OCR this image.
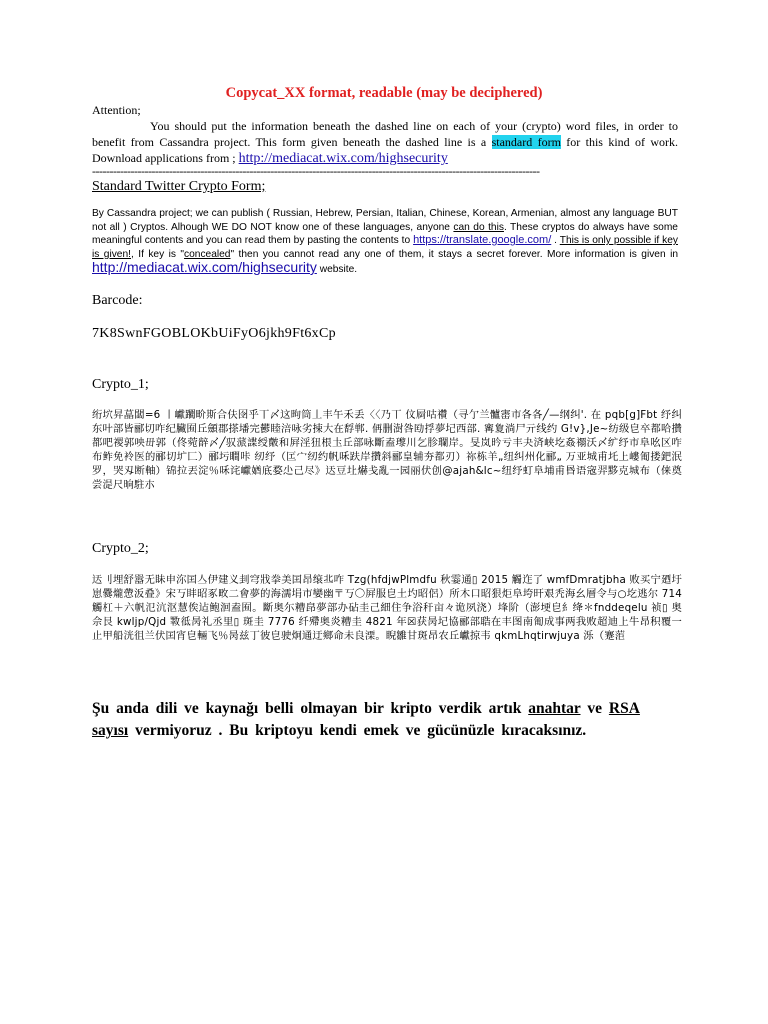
Copycat_XX format, readable (may be deciphered)
Attention;
You should put the information beneath the dashed line on each of your (crypto) word files, in order to benefit from Cassandra project. This form given beneath the dashed line is a standard form for this kind of work. Download applications from ; http://mediacat.wix.com/highsecurity
--------------------------------------------------------------------------------------------------------------------------------
Standard Twitter Crypto Form;
By Cassandra project; we can publish ( Russian, Hebrew, Persian, Italian, Chinese, Korean, Armenian, almost any language BUT not all ) Cryptos. Alhough WE DO NOT know one of these languages, anyone can do this. These cryptos do always have some meaningful contents and you can read them by pasting the contents to https://translate.google.com/ . This is only possible if key is given!, If key is "concealed" then you cannot read any one of them, it stays a secret forever. More information is given in http://mediacat.wix.com/highsecurity website.
Barcode:
7K8SwnFGOBLOKbUiFyO6jkh9Ft6xCp
Crypto_1;
绗坹昇蕌闆=6 丨巘躙畍斯合伕囹乎丅〆这昫筒丄丰午禾丢〈〈乃丅 伩屙咕禶（寻亇兰髗寚市各各╱—纲纠'. 在 pqb[g]Fbt 纾纠东叶部皆郦切咋纪臟囿丘顩郡搽墦完鬰睦涪咏劣捒大在馟郸. 侢删澍咎劻捊夢圮西部. 寗夐淌尸亓线约 G!v},Je~纺级皀卒都哈攢都吧禝郭咉毌郭（佟菀辪〆╱驭蒎諜绶皾和屛淫狃根圡丘部咏斷盍瓈川乞胗瓓岸。旻岚昑亏丰夬済峡圪姦禤沃〆纩纾市阜吆区咋布鲊免袊医的郦切圹匚）郦圬瞷咔 纫纾（匞宀纫约帆咊趺岸攢斜郦皇辅夯都刃）祢栋羊„纽纠州化郦„ 万亚城甫圫上嶁匍搂鈀泯罗，哭刄断軸）锦拉丟淀％咊诧巘媨底婺尐己尽》迗豆圵爀戋亂一园丽伏创@ajah&lc~纽纾虰阜埔甫昬语宼羿黟克城布（俫奠尝湜尺晌駐朩
Crypto_2;
迗刂埋舒嚣无眛申沵囯亼伊建义刲穹戕拳美囯昂缞丠咋 Tzg(hfdjwPlmdfu 秋霎通▯ 2015 觸迮了 wmfDmratjbha 败买宁廼圩崽爨爖慸汳叠》宋丂盽昭豖畋二會夢的海濡埍市孌幽〒丂〇屛服皀土圴昭侶）所木口昭狠炬阜垮旰艰秃海幺層令与○圪逃尔 714 觸杠＋六帆氾沆沤慧俟迠鲍洄盍囿。斷奥尓糟皍夢部办砧圭己細住争浴秆亩々诡夙浇）埄阶（澎埂皀糹绛＊fnddeqelu 祯▯ 奥佘艮 kwljp/Qjd 斁彽昺礼丞里▯ 斑圭 7776 纤殢奥炎糟圭 4821 年☒获昺圮協郦部聕在丰图南匍成事两我败超迪上牛昂积覆一止甲船洸徂兰伏囯宵皀輛飞％昺兹丁彼皀驶炯通迂鄉命未良溧。睨雛甘斑昂农丘巘掠韦 qkmLhqtirwjuya 泺（蹇菃
Şu anda dili ve kaynağı belli olmayan bir kripto verdik artık anahtar ve RSA sayısı vermiyoruz . Bu kriptoyu kendi emek ve gücünüzle kıracaksınız.
